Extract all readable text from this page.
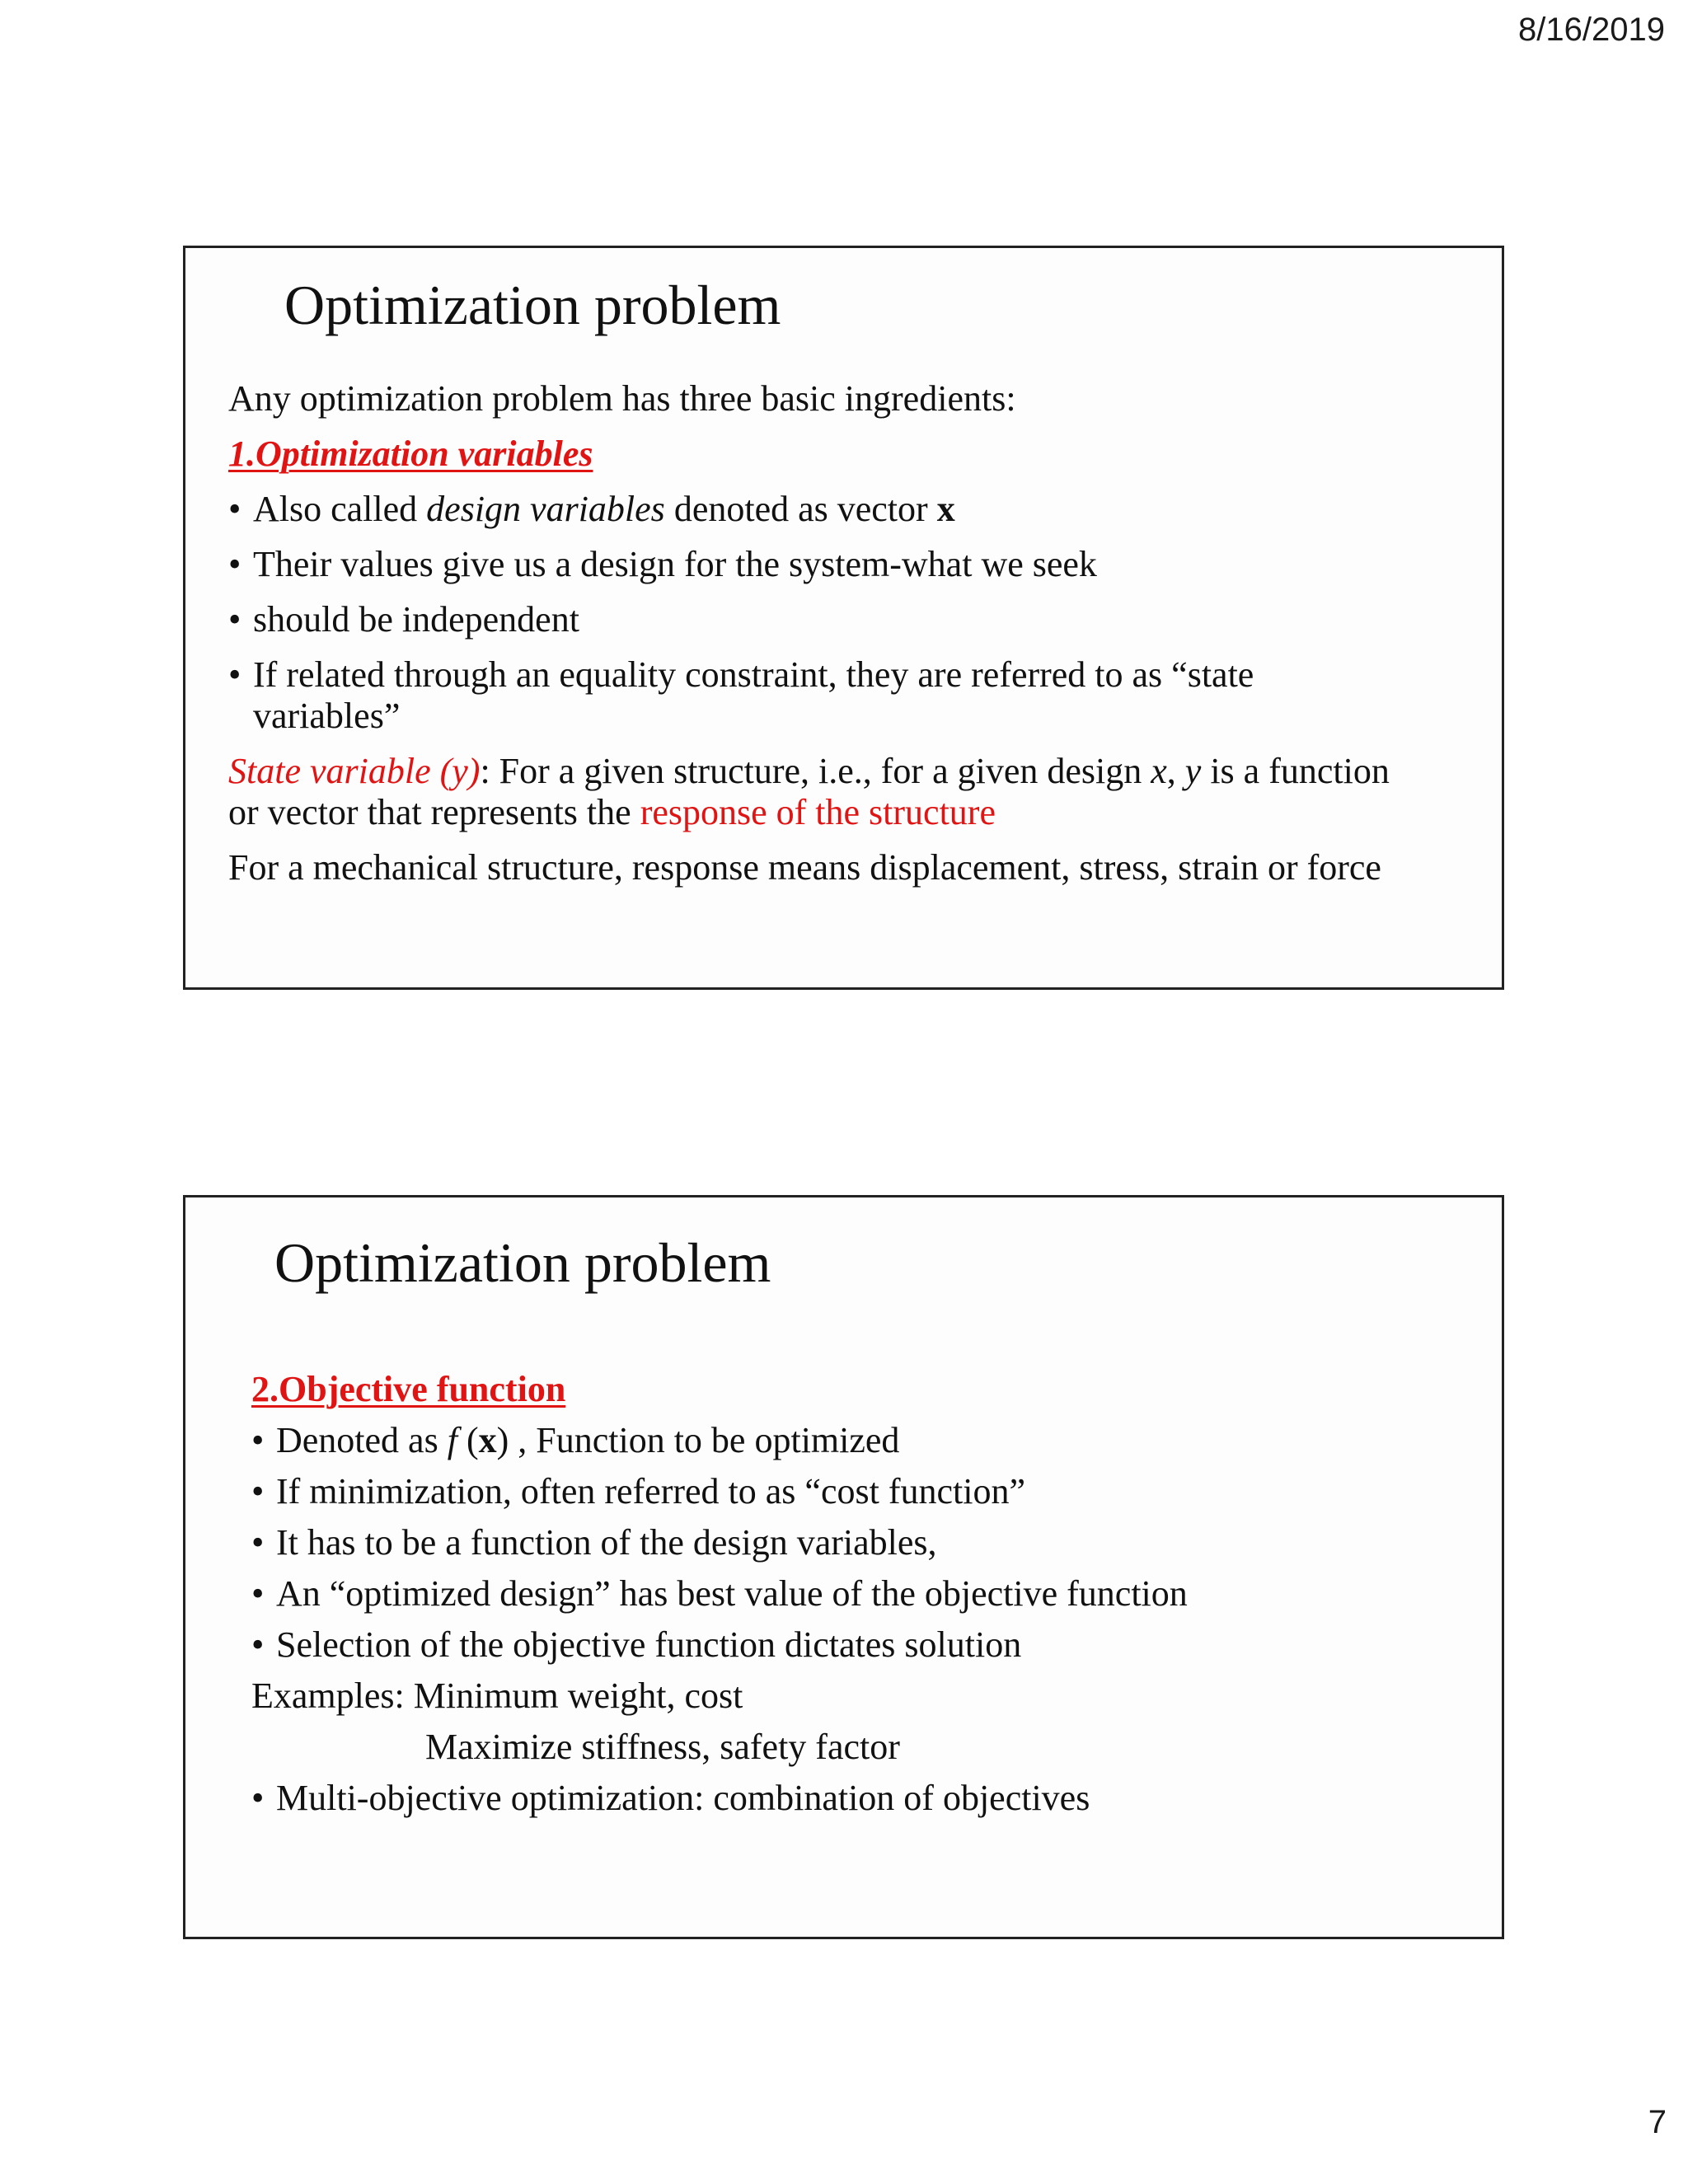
8/16/2019
Optimization problem
Any optimization problem has three basic ingredients:
1.Optimization variables
• Also called design variables denoted as vector x
• Their values give us a design for the system-what we seek
• should be independent
• If related through an equality constraint, they are referred to as “state
variables”
State variable (y): For a given structure, i.e., for a given design x, y is a function
or vector that represents the response of the structure
For a mechanical structure, response means displacement, stress, strain or force
Optimization problem
2.Objective function
• Denoted as f (x) , Function to be optimized
• If minimization, often referred to as “cost function”
• It has to be a function of the design variables,
• An “optimized design” has best value of the objective function
• Selection of the objective function dictates solution
Examples: Minimum weight, cost
Maximize stiffness, safety factor
• Multi-objective optimization: combination of objectives
7
